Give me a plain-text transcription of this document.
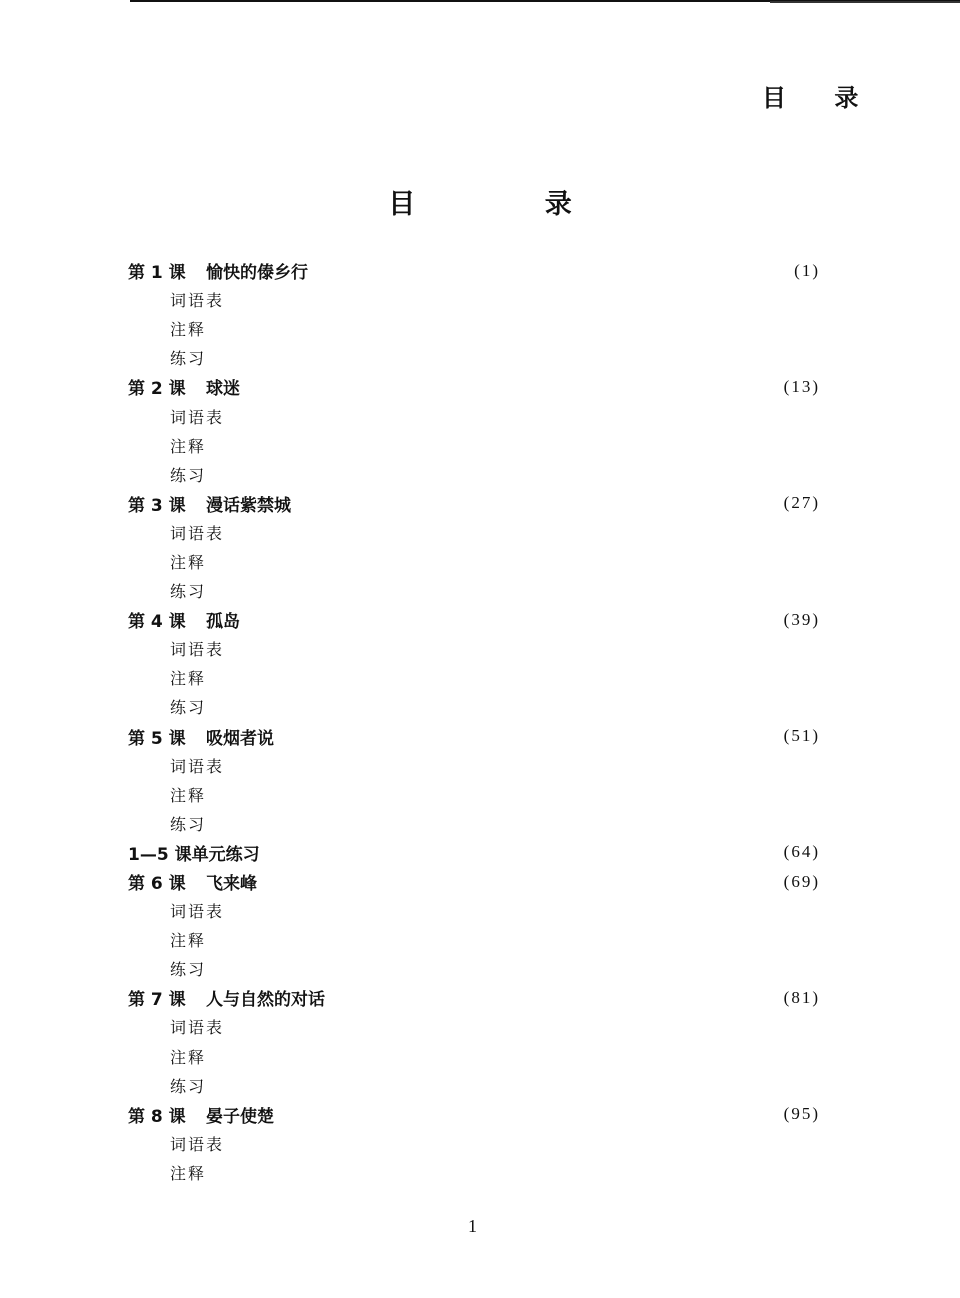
目 录
目 录
第 1 课 愉快的傣乡行	(1)
词语表
注释
练习
第 2 课 球迷	(13)
词语表
注释
练习
第 3 课 漫话紫禁城	(27)
词语表
注释
练习
第 4 课 孤岛	(39)
词语表
注释
练习
第 5 课 吸烟者说	(51)
词语表
注释
练习
1—5 课单元练习	(64)
第 6 课 飞来峰	(69)
词语表
注释
练习
第 7 课 人与自然的对话	(81)
词语表
注释
练习
第 8 课 晏子使楚	(95)
词语表
注释
1
